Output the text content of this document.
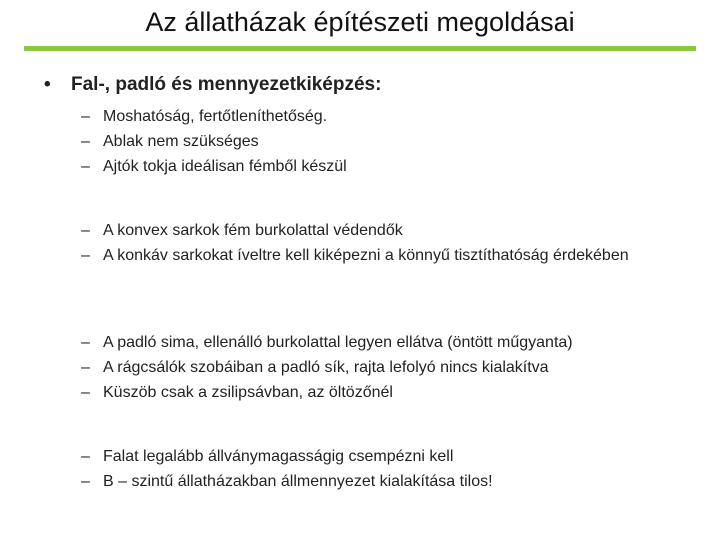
Az állatházak építészeti megoldásai
• Fal-, padló és mennyezetkiképzés:
– Moshatóság, fertőtleníthetőség.
– Ablak nem szükséges
– Ajtók tokja ideálisan fémből készül
– A konvex sarkok fém burkolattal védendők
– A konkáv sarkokat íveltre kell kiképezni a könnyű tisztíthatóság érdekében
– A padló sima, ellenálló burkolattal legyen ellátva (öntött műgyanta)
– A rágcsálók szobáiban a padló sík, rajta lefolyó nincs kialakítva
– Küszöb csak a zsilipsávban, az öltözőnél
– Falat legalább állványmagasságig csempézni kell
– B – szintű állatházakban állmennyezet kialakítása tilos!
